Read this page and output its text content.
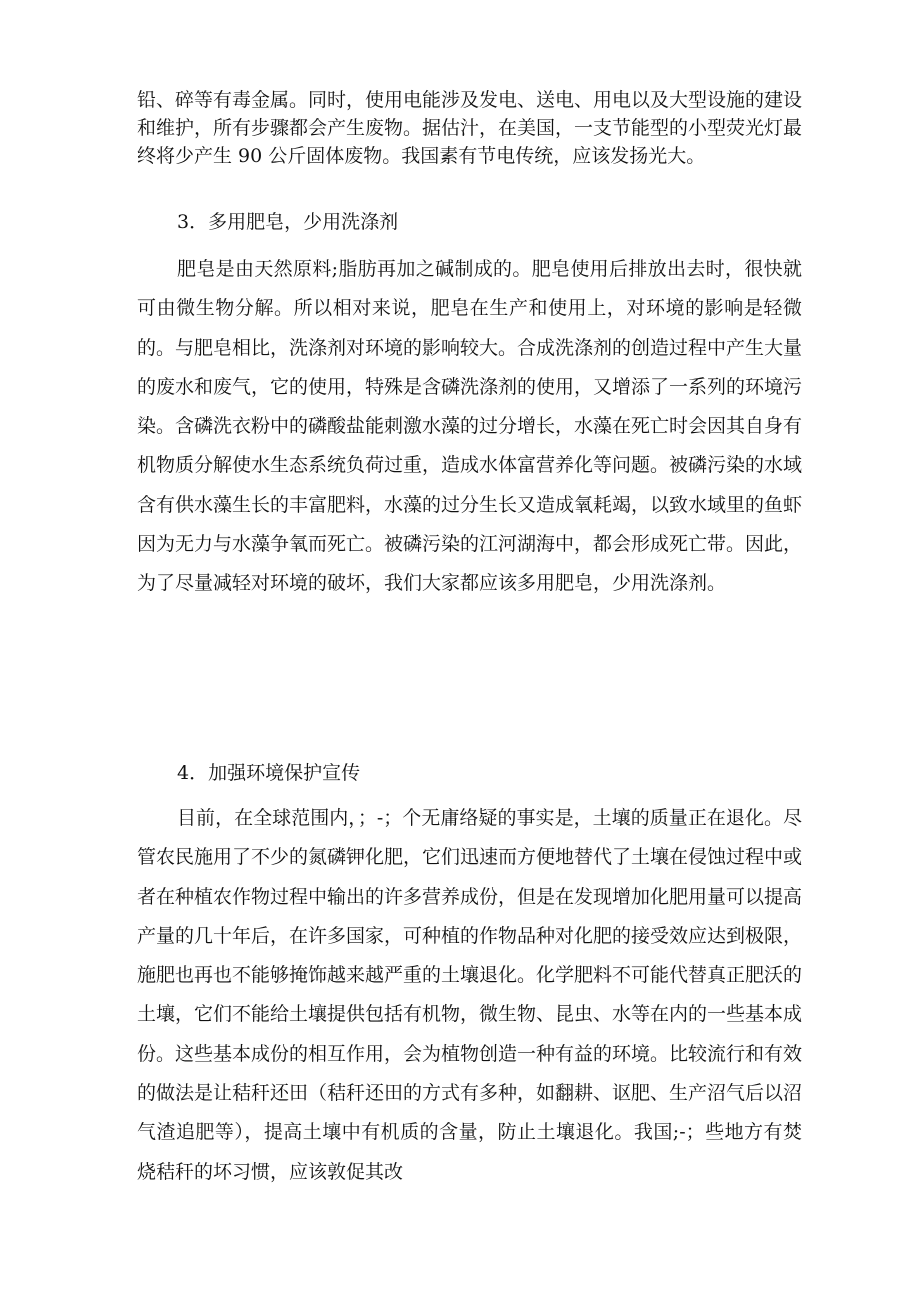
铅、碎等有毒金属。同时，使用电能涉及发电、送电、用电以及大型设施的建设和维护，所有步骤都会产生废物。据估汁，在美国，一支节能型的小型荧光灯最终将少产生 90 公斤固体废物。我国素有节电传统，应该发扬光大。

3．多用肥皂，少用洗涤剂

肥皂是由天然原料;脂肪再加之碱制成的。肥皂使用后排放出去时，很快就可由微生物分解。所以相对来说，肥皂在生产和使用上，对环境的影响是轻微的。与肥皂相比，洗涤剂对环境的影响较大。合成洗涤剂的创造过程中产生大量的废水和废气，它的使用，特殊是含磷洗涤剂的使用，又增添了一系列的环境污染。含磷洗衣粉中的磷酸盐能刺激水藻的过分增长，水藻在死亡时会因其自身有机物质分解使水生态系统负荷过重，造成水体富营养化等问题。被磷污染的水域含有供水藻生长的丰富肥料，水藻的过分生长又造成氧耗竭，以致水域里的鱼虾因为无力与水藻争氧而死亡。被磷污染的江河湖海中，都会形成死亡带。因此，为了尽量减轻对环境的破坏，我们大家都应该多用肥皂，少用洗涤剂。

4．加强环境保护宣传

目前，在全球范围内，；-；个无庸络疑的事实是，土壤的质量正在退化。尽管农民施用了不少的氮磷钾化肥，它们迅速而方便地替代了土壤在侵蚀过程中或者在种植农作物过程中输出的许多营养成份，但是在发现增加化肥用量可以提高产量的几十年后，在许多国家，可种植的作物品种对化肥的接受效应达到极限，施肥也再也不能够掩饰越来越严重的土壤退化。化学肥料不可能代替真正肥沃的土壤，它们不能给土壤提供包括有机物，微生物、昆虫、水等在内的一些基本成份。这些基本成份的相互作用，会为植物创造一种有益的环境。比较流行和有效的做法是让秸秆还田（秸秆还田的方式有多种，如翻耕、讴肥、生产沼气后以沼气渣追肥等），提高土壤中有机质的含量，防止土壤退化。我国;-；些地方有焚烧秸秆的坏习惯，应该敦促其改
